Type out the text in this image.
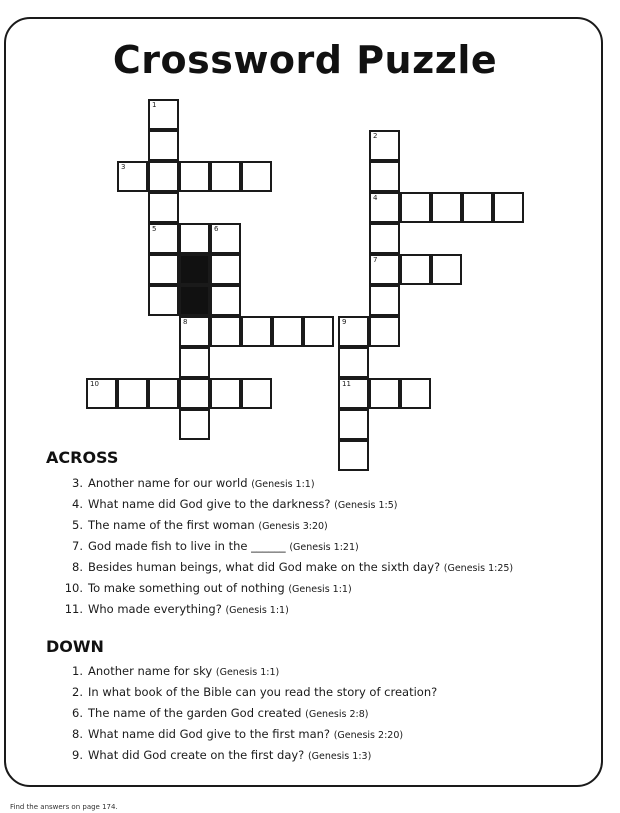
Crossword Puzzle
1
5
3
2
4
7
6
8	9
10	11
ACROSS
3. Another name for our world (Genesis 1:1)
4. What name did God give to the darkness? (Genesis 1:5)
5. The name of the first woman (Genesis 3:20)
7. God made fish to live in the ______ (Genesis 1:21)
8. Besides human beings, what did God make on the sixth day? (Genesis 1:25)
10. To make something out of nothing (Genesis 1:1)
11. Who made everything? (Genesis 1:1)
DOWN
1. Another name for sky (Genesis 1:1)
2. In what book of the Bible can you read the story of creation?
6. The name of the garden God created (Genesis 2:8)
8. What name did God give to the first man? (Genesis 2:20)
9. What did God create on the first day? (Genesis 1:3)
Find the answers on page 174.
